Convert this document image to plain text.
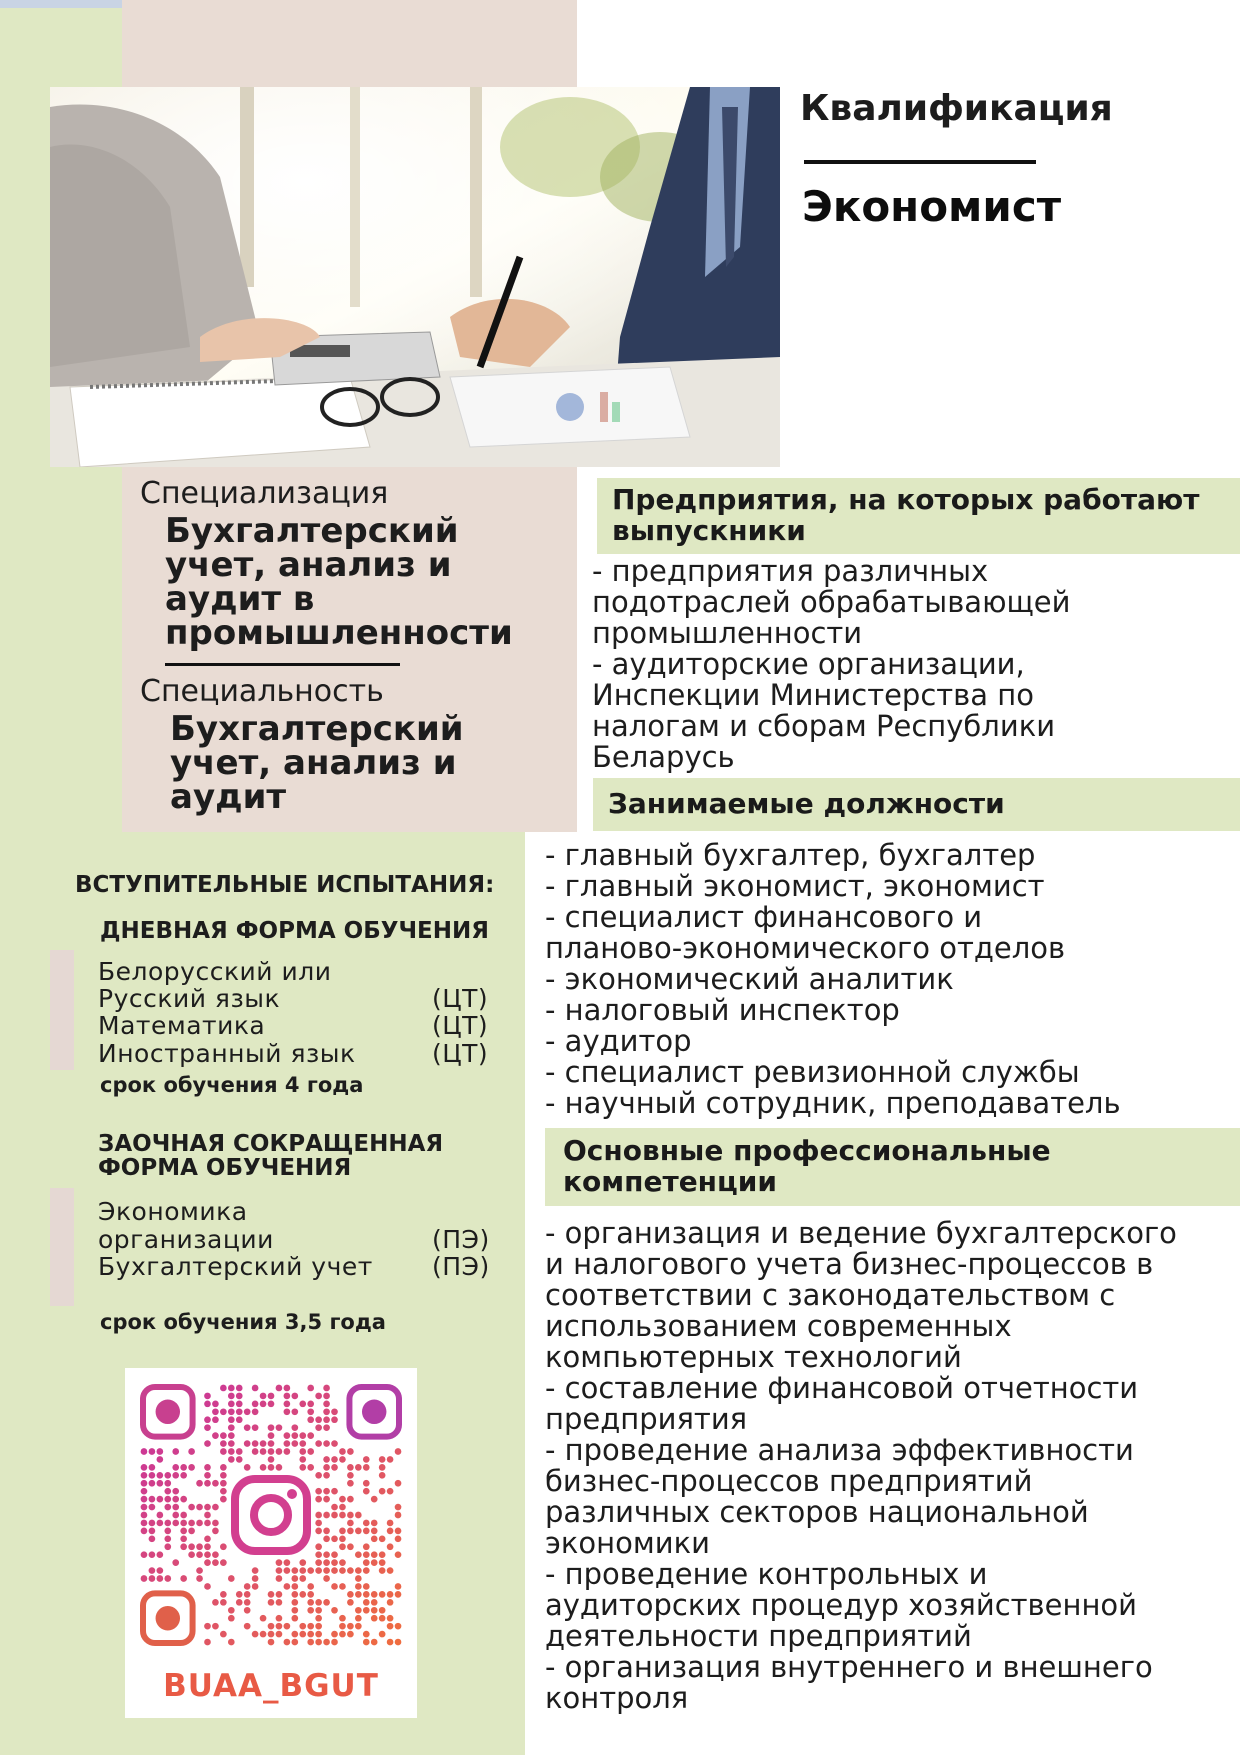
Квалификация
Экономист
Специализация
Бухгалтерский учет, анализ и аудит в промышленности
Специальность
Бухгалтерский учет, анализ и аудит
Предприятия, на которых работают выпускники
- предприятия различных
подотраслей обрабатывающей
промышленности
- аудиторские организации,
Инспекции Министерства по
налогам и сборам Республики
Беларусь
Занимаемые должности
- главный бухгалтер, бухгалтер
- главный экономист, экономист
- специалист финансового и
планово-экономического отделов
- экономический аналитик
- налоговый инспектор
- аудитор
- специалист ревизионной службы
- научный сотрудник, преподаватель
Основные профессиональные компетенции
- организация и ведение бухгалтерского
и налогового учета бизнес-процессов в
соответствии с законодательством с
использованием современных
компьютерных технологий
- составление финансовой отчетности
предприятия
- проведение анализа эффективности
бизнес-процессов предприятий
различных секторов национальной
экономики
- проведение контрольных и
аудиторских процедур хозяйственной
деятельности предприятий
- организация внутреннего и внешнего
контроля
ВСТУПИТЕЛЬНЫЕ ИСПЫТАНИЯ:
ДНЕВНАЯ ФОРМА ОБУЧЕНИЯ
Белорусский или
Русский язык	(ЦТ)
Математика	(ЦТ)
Иностранный язык	(ЦТ)
срок обучения 4 года
ЗАОЧНАЯ СОКРАЩЕННАЯ ФОРМА ОБУЧЕНИЯ
Экономика
организации	(ПЭ)
Бухгалтерский учет	(ПЭ)
срок обучения 3,5 года
BUAA_BGUT
